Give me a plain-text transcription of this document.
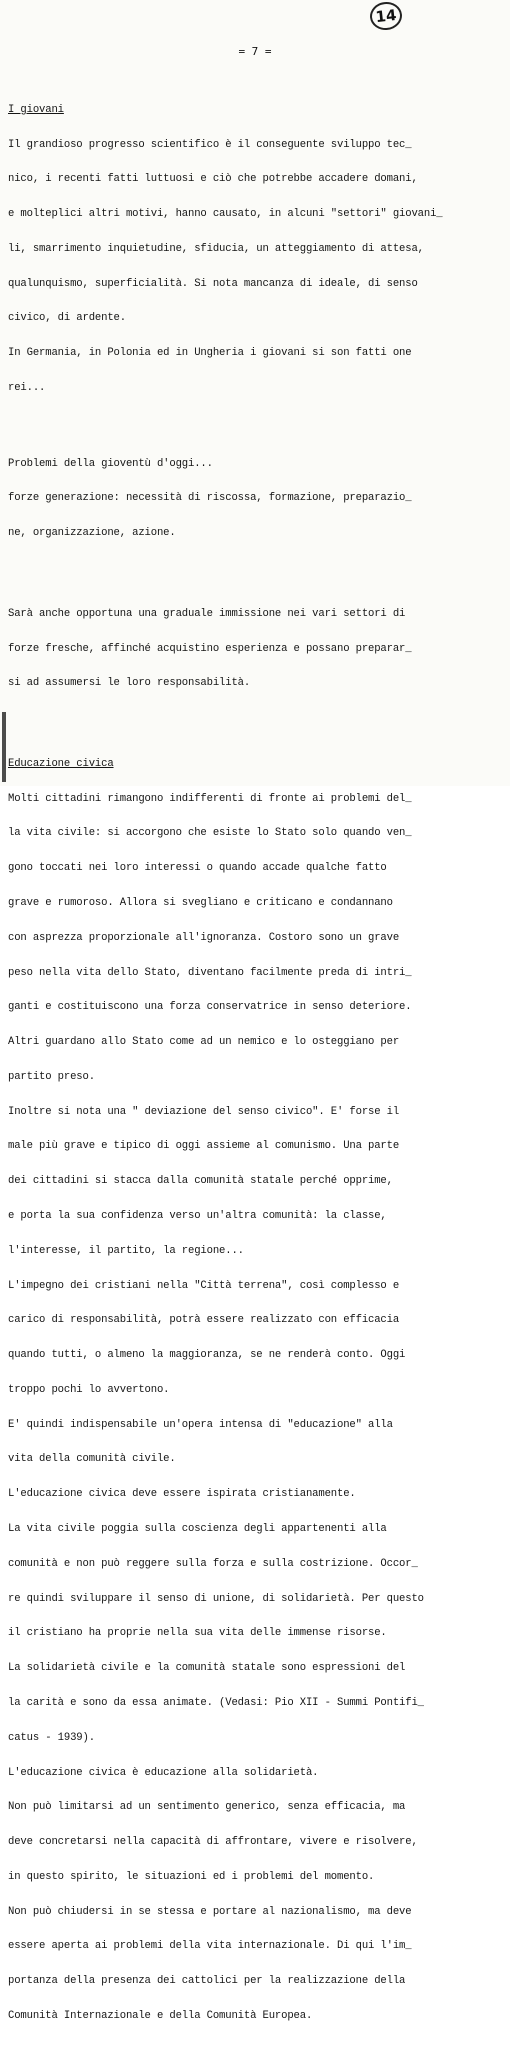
14
= 7 =

I giovani

Il grandioso progresso scientifico è il conseguente sviluppo tec_

nico, i recenti fatti luttuosi e ciò che potrebbe accadere domani,

e molteplici altri motivi, hanno causato, in alcuni "settori" giovani_

li, smarrimento inquietudine, sfiducia, un atteggiamento di attesa,

qualunquismo, superficialità. Si nota mancanza di ideale, di senso

civico, di ardente.

In Germania, in Polonia ed in Ungheria i giovani si son fatti one

rei...

Problemi della gioventù d'oggi...

forze generazione: necessità di riscossa, formazione, preparazio_

ne, organizzazione, azione.

Sarà anche opportuna una graduale immissione nei vari settori di

forze fresche, affinché acquistino esperienza e possano preparar_

si ad assumersi le loro responsabilità.

Educazione civica

Molti cittadini rimangono indifferenti di fronte ai problemi del_

la vita civile: si accorgono che esiste lo Stato solo quando ven_

gono toccati nei loro interessi o quando accade qualche fatto

grave e rumoroso. Allora si svegliano e criticano e condannano

con asprezza proporzionale all'ignoranza. Costoro sono un grave

peso nella vita dello Stato, diventano facilmente preda di intri_

ganti e costituiscono una forza conservatrice in senso deteriore.

Altri guardano allo Stato come ad un nemico e lo osteggiano per

partito preso.

Inoltre si nota una " deviazione del senso civico". E' forse il

male più grave e tipico di oggi assieme al comunismo. Una parte

dei cittadini si stacca dalla comunità statale perché opprime,

e porta la sua confidenza verso un'altra comunità: la classe,

l'interesse, il partito, la regione...

L'impegno dei cristiani nella "Città terrena", così complesso e

carico di responsabilità, potrà essere realizzato con efficacia

quando tutti, o almeno la maggioranza, se ne renderà conto. Oggi

troppo pochi lo avvertono.

E' quindi indispensabile un'opera intensa di "educazione" alla

vita della comunità civile.

L'educazione civica deve essere ispirata cristianamente.

La vita civile poggia sulla coscienza degli appartenenti alla

comunità e non può reggere sulla forza e sulla costrizione. Occor_

re quindi sviluppare il senso di unione, di solidarietà. Per questo

il cristiano ha proprie nella sua vita delle immense risorse.

La solidarietà civile e la comunità statale sono espressioni del

la carità e sono da essa animate. (Vedasi: Pio XII - Summi Pontifi_

catus - 1939).

L'educazione civica è educazione alla solidarietà.

Non può limitarsi ad un sentimento generico, senza efficacia, ma

deve concretarsi nella capacità di affrontare, vivere e risolvere,

in questo spirito, le situazioni ed i problemi del momento.

Non può chiudersi in se stessa e portare al nazionalismo, ma deve

essere aperta ai problemi della vita internazionale. Di qui l'im_

portanza della presenza dei cattolici per la realizzazione della

Comunità Internazionale e della Comunità Europea.
